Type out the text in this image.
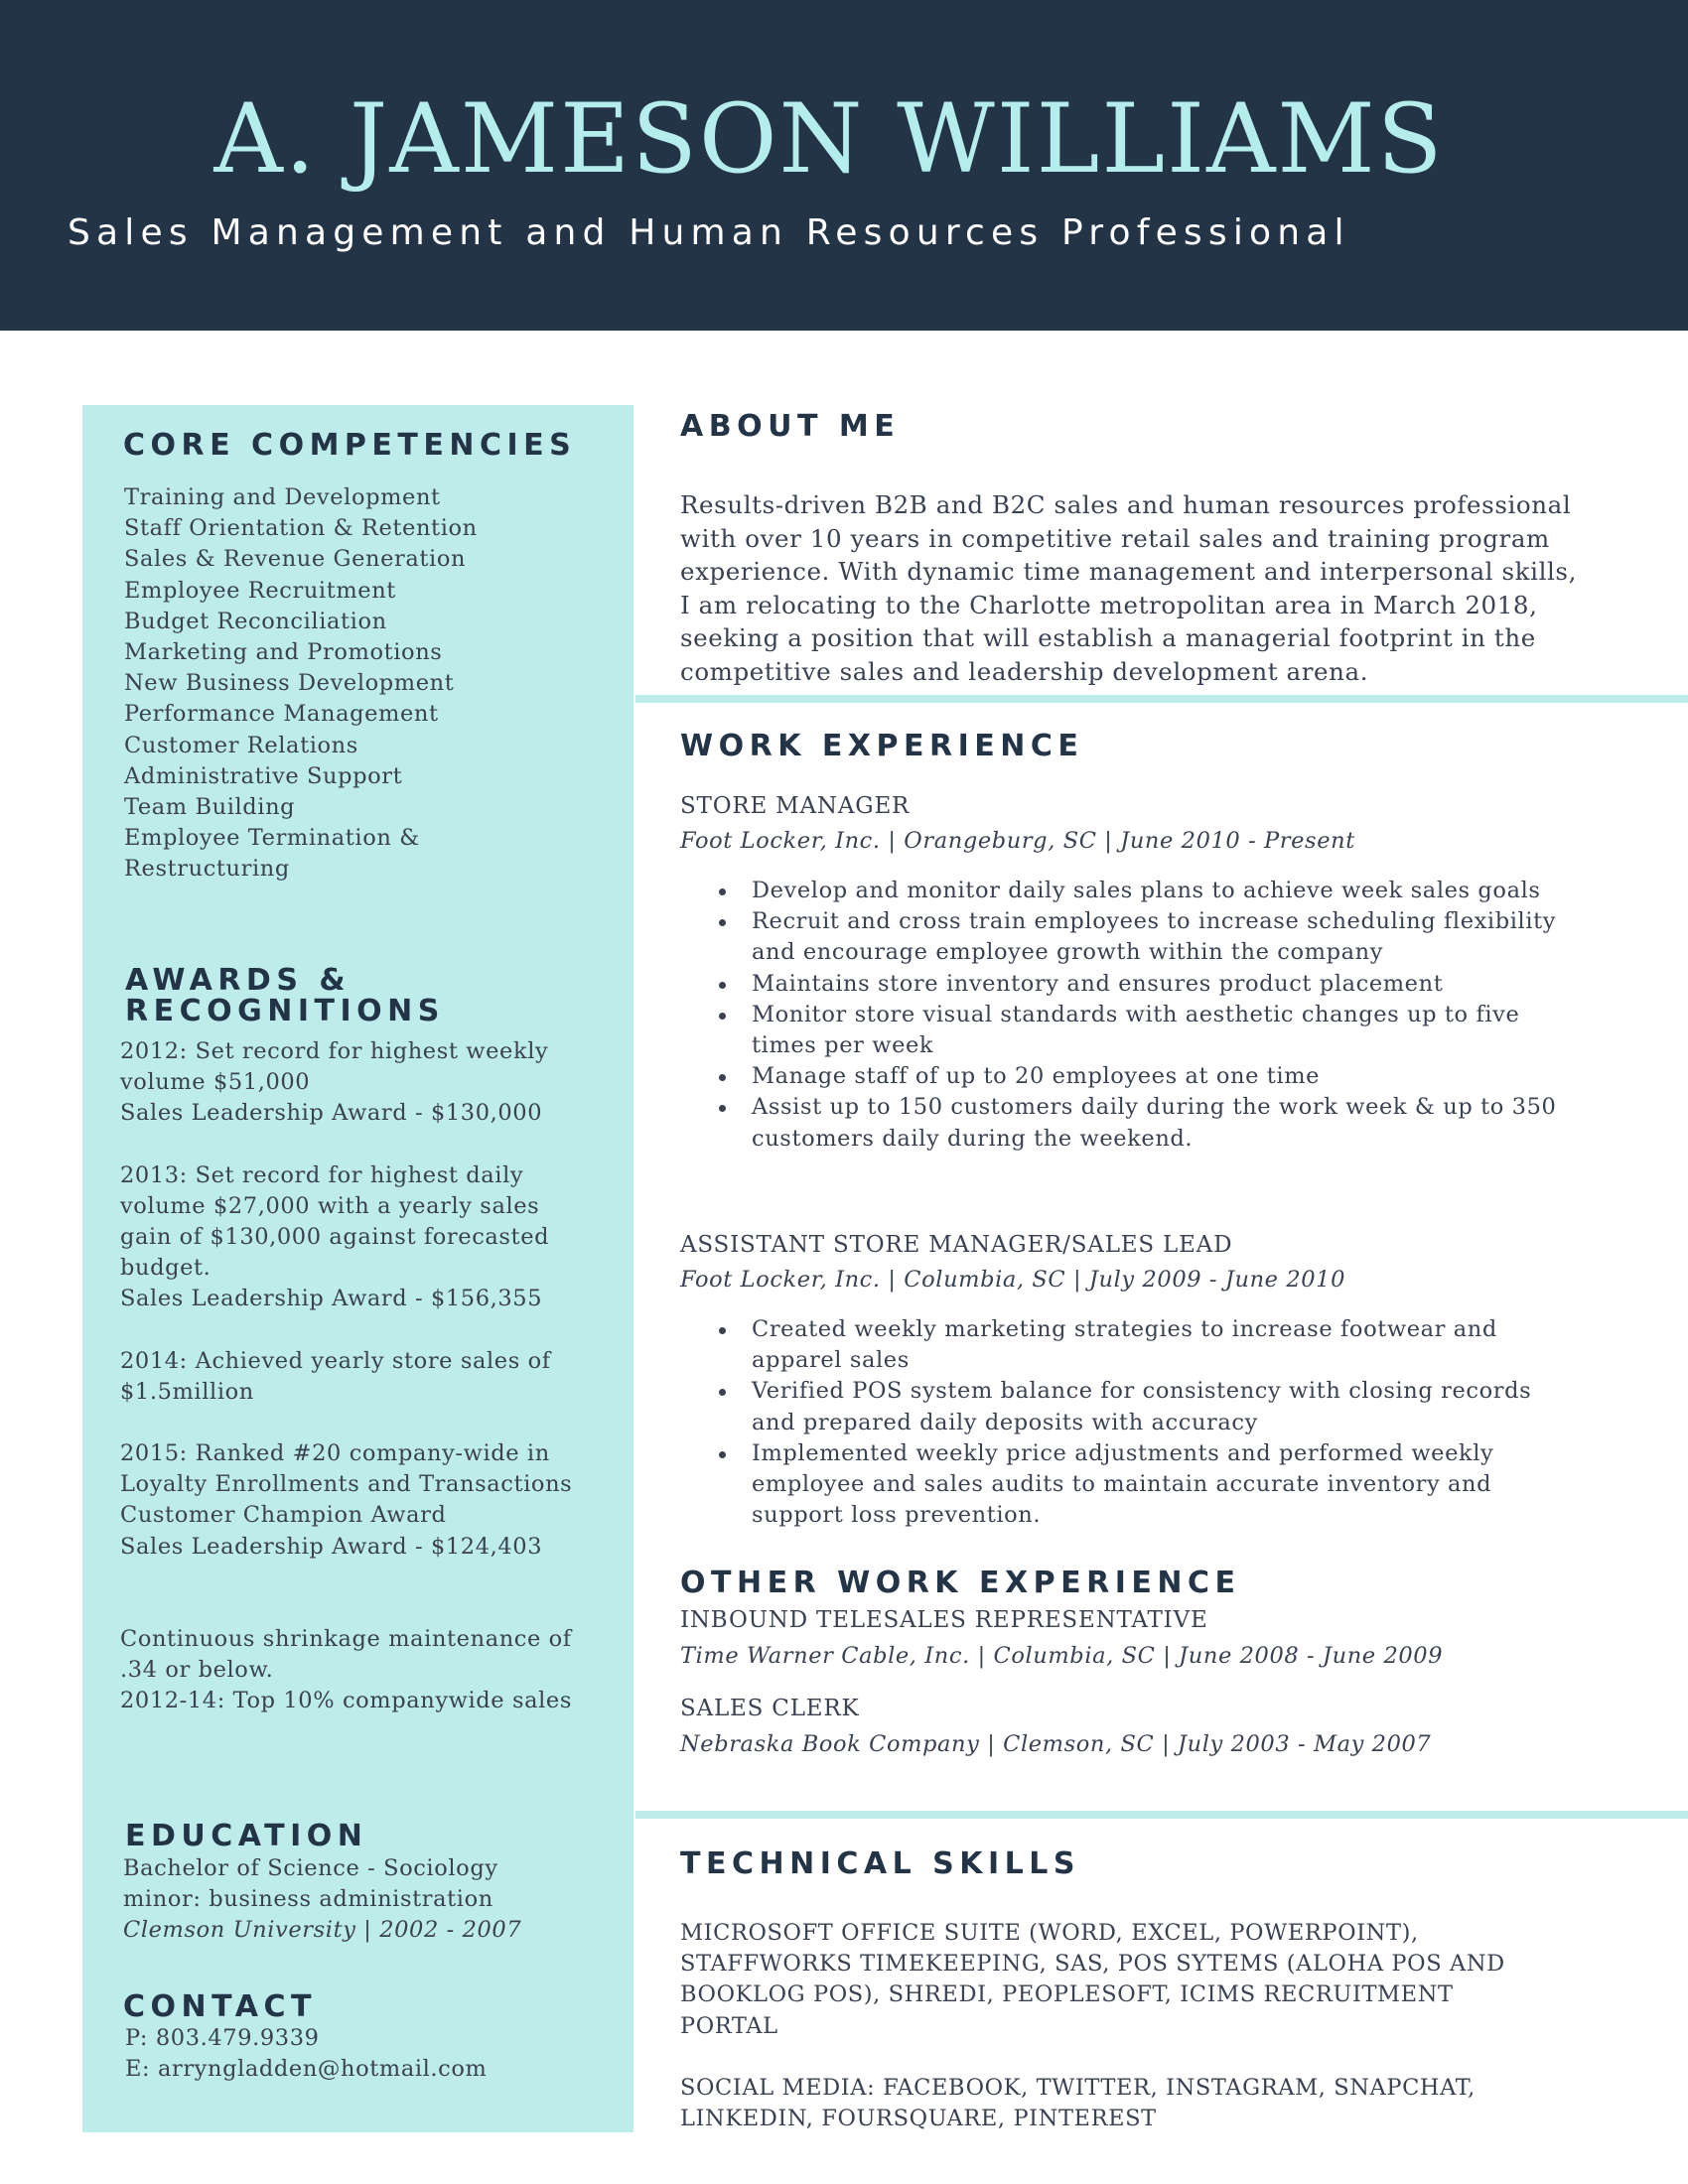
A. JAMESON WILLIAMS
Sales Management and Human Resources Professional
CORE COMPETENCIES
Training and Development
Staff Orientation & Retention
Sales & Revenue Generation
Employee Recruitment
Budget Reconciliation
Marketing and Promotions
New Business Development
Performance Management
Customer Relations
Administrative Support
Team Building
Employee Termination &
Restructuring
AWARDS &
RECOGNITIONS

2012: Set record for highest weekly

volume $51,000

Sales Leadership Award - $130,000

2013: Set record for highest daily

volume $27,000 with a yearly sales

gain of $130,000 against forecasted

budget.

Sales Leadership Award - $156,355

2014: Achieved yearly store sales of

$1.5million

2015: Ranked #20 company-wide in

Loyalty Enrollments and Transactions

Customer Champion Award

Sales Leadership Award - $124,403

Continuous shrinkage maintenance of

.34 or below.

2012-14: Top 10% companywide sales

EDUCATION
Bachelor of Science - Sociology
minor: business administration
Clemson University | 2002 - 2007
CONTACT
P: 803.479.9339
E: arryngladden@hotmail.com
ABOUT ME
Results-driven B2B and B2C sales and human resources professional
with over 10 years in competitive retail sales and training program
experience. With dynamic time management and interpersonal skills,
I am relocating to the Charlotte metropolitan area in March 2018,
seeking a position that will establish a managerial footprint in the
competitive sales and leadership development arena.
WORK EXPERIENCE
STORE MANAGER
Foot Locker, Inc. | Orangeburg, SC | June 2010 - Present
Develop and monitor daily sales plans to achieve week sales goals
Recruit and cross train employees to increase scheduling flexibility and encourage employee growth within the company
Maintains store inventory and ensures product placement
Monitor store visual standards with aesthetic changes up to five times per week
Manage staff of up to 20 employees at one time
Assist up to 150 customers daily during the work week & up to 350 customers daily during the weekend.
ASSISTANT STORE MANAGER/SALES LEAD
Foot Locker, Inc. | Columbia, SC | July 2009 - June 2010
Created weekly marketing strategies to increase footwear and apparel sales
Verified POS system balance for consistency with closing records and prepared daily deposits with accuracy
Implemented weekly price adjustments and performed weekly employee and sales audits to maintain accurate inventory and support loss prevention.
OTHER WORK EXPERIENCE
INBOUND TELESALES REPRESENTATIVE
Time Warner Cable, Inc. | Columbia, SC | June 2008 - June 2009
SALES CLERK
Nebraska Book Company | Clemson, SC | July 2003 - May 2007
TECHNICAL SKILLS
MICROSOFT OFFICE SUITE (WORD, EXCEL, POWERPOINT),
STAFFWORKS TIMEKEEPING, SAS, POS SYTEMS (ALOHA POS AND
BOOKLOG POS), SHREDI, PEOPLESOFT, ICIMS RECRUITMENT
PORTAL
SOCIAL MEDIA: FACEBOOK, TWITTER, INSTAGRAM, SNAPCHAT,
LINKEDIN, FOURSQUARE, PINTEREST
